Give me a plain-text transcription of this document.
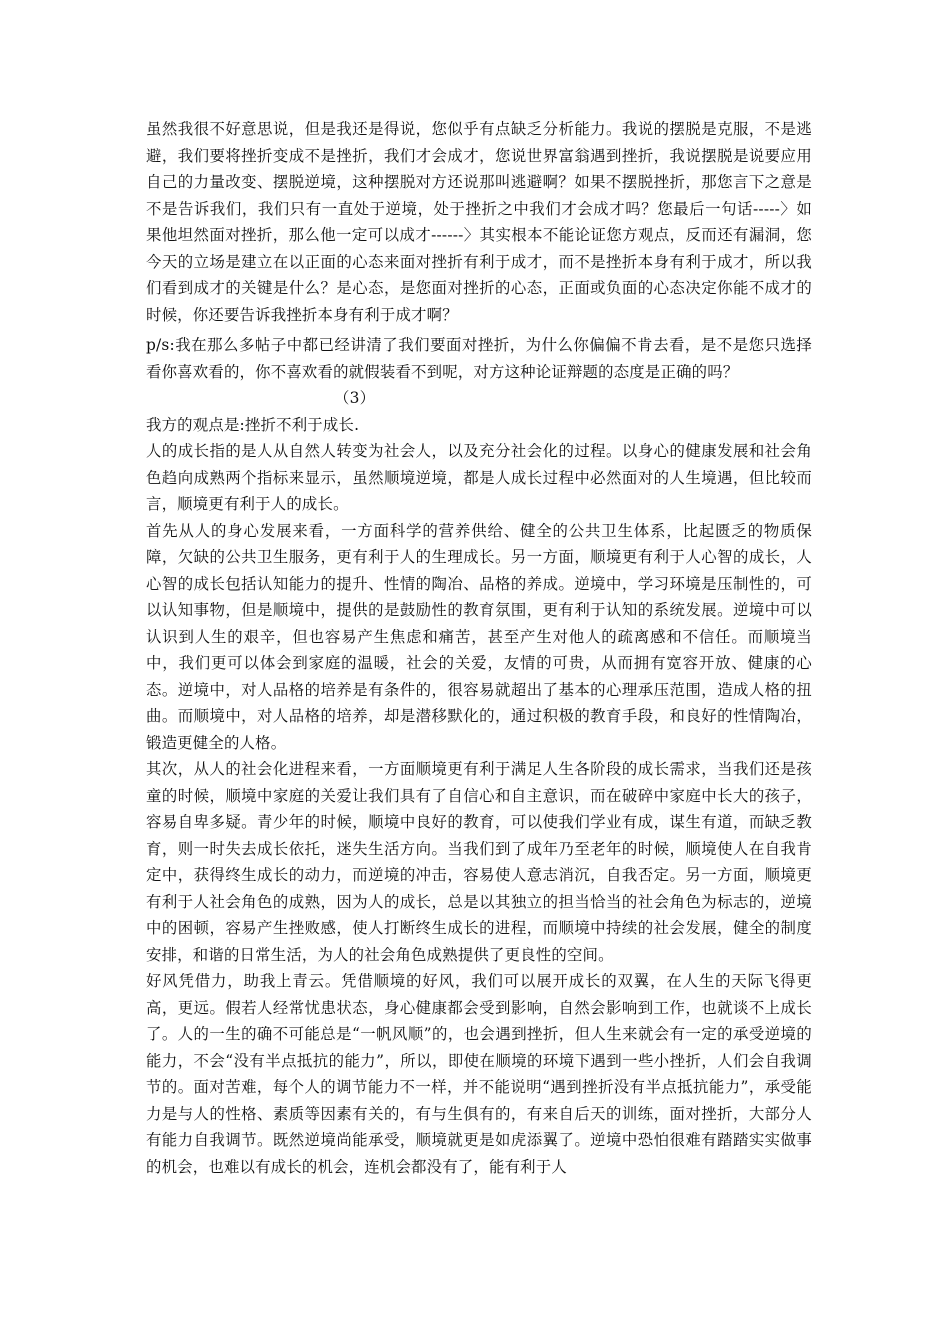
虽然我很不好意思说，但是我还是得说，您似乎有点缺乏分析能力。我说的摆脱是克服，不是逃避，我们要将挫折变成不是挫折，我们才会成才，您说世界富翁遇到挫折，我说摆脱是说要应用自己的力量改变、摆脱逆境，这种摆脱对方还说那叫逃避啊？如果不摆脱挫折，那您言下之意是不是告诉我们，我们只有一直处于逆境，处于挫折之中我们才会成才吗？您最后一句话-----〉如果他坦然面对挫折，那么他一定可以成才------〉其实根本不能论证您方观点，反而还有漏洞，您今天的立场是建立在以正面的心态来面对挫折有利于成才，而不是挫折本身有利于成才，所以我们看到成才的关键是什么？是心态，是您面对挫折的心态，正面或负面的心态决定你能不成才的时候，你还要告诉我挫折本身有利于成才啊？

p/s:我在那么多帖子中都已经讲清了我们要面对挫折，为什么你偏偏不肯去看，是不是您只选择看你喜欢看的，你不喜欢看的就假装看不到呢，对方这种论证辩题的态度是正确的吗？

（3）

我方的观点是:挫折不利于成长.

人的成长指的是人从自然人转变为社会人，以及充分社会化的过程。以身心的健康发展和社会角色趋向成熟两个指标来显示，虽然顺境逆境，都是人成长过程中必然面对的人生境遇，但比较而言，顺境更有利于人的成长。

首先从人的身心发展来看，一方面科学的营养供给、健全的公共卫生体系，比起匮乏的物质保障，欠缺的公共卫生服务，更有利于人的生理成长。另一方面，顺境更有利于人心智的成长，人心智的成长包括认知能力的提升、性情的陶冶、品格的养成。逆境中，学习环境是压制性的，可以认知事物，但是顺境中，提供的是鼓励性的教育氛围，更有利于认知的系统发展。逆境中可以认识到人生的艰辛，但也容易产生焦虑和痛苦，甚至产生对他人的疏离感和不信任。而顺境当中，我们更可以体会到家庭的温暖，社会的关爱，友情的可贵，从而拥有宽容开放、健康的心态。逆境中，对人品格的培养是有条件的，很容易就超出了基本的心理承压范围，造成人格的扭曲。而顺境中，对人品格的培养，却是潜移默化的，通过积极的教育手段，和良好的性情陶冶，锻造更健全的人格。

其次，从人的社会化进程来看，一方面顺境更有利于满足人生各阶段的成长需求，当我们还是孩童的时候，顺境中家庭的关爱让我们具有了自信心和自主意识，而在破碎中家庭中长大的孩子，容易自卑多疑。青少年的时候，顺境中良好的教育，可以使我们学业有成，谋生有道，而缺乏教育，则一时失去成长依托，迷失生活方向。当我们到了成年乃至老年的时候，顺境使人在自我肯定中，获得终生成长的动力，而逆境的冲击，容易使人意志消沉，自我否定。另一方面，顺境更有利于人社会角色的成熟，因为人的成长，总是以其独立的担当恰当的社会角色为标志的，逆境中的困顿，容易产生挫败感，使人打断终生成长的进程，而顺境中持续的社会发展，健全的制度安排，和谐的日常生活，为人的社会角色成熟提供了更良性的空间。

好风凭借力，助我上青云。凭借顺境的好风，我们可以展开成长的双翼，在人生的天际飞得更高，更远。假若人经常忧患状态，身心健康都会受到影响，自然会影响到工作，也就谈不上成长了。人的一生的确不可能总是“一帆风顺”的，也会遇到挫折，但人生来就会有一定的承受逆境的能力，不会“没有半点抵抗的能力”，所以，即使在顺境的环境下遇到一些小挫折，人们会自我调节的。面对苦难，每个人的调节能力不一样，并不能说明“遇到挫折没有半点抵抗能力”，承受能力是与人的性格、素质等因素有关的，有与生俱有的，有来自后天的训练，面对挫折，大部分人有能力自我调节。既然逆境尚能承受，顺境就更是如虎添翼了。逆境中恐怕很难有踏踏实实做事的机会，也难以有成长的机会，连机会都没有了，能有利于人
